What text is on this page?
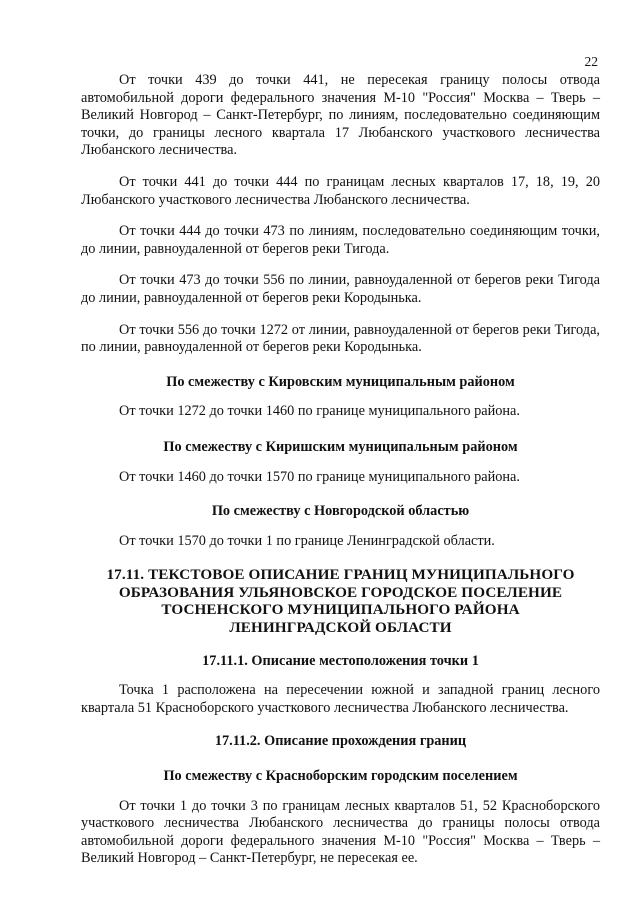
22

От точки 439 до точки 441, не пересекая границу полосы отвода автомобильной дороги федерального значения М-10 "Россия" Москва – Тверь – Великий Новгород – Санкт-Петербург, по линиям, последовательно соединяющим точки, до границы лесного квартала 17 Любанского участкового лесничества Любанского лесничества.

От точки 441 до точки 444 по границам лесных кварталов 17, 18, 19, 20 Любанского участкового лесничества Любанского лесничества.

От точки 444 до точки 473 по линиям, последовательно соединяющим точки, до линии, равноудаленной от берегов реки Тигода.

От точки 473 до точки 556 по линии, равноудаленной от берегов реки Тигода до линии, равноудаленной от берегов реки Кородынька.

От точки 556 до точки 1272 от линии, равноудаленной от берегов реки Тигода, по линии, равноудаленной от берегов реки Кородынька.

По смежеству с Кировским муниципальным районом

От точки 1272 до точки 1460 по границе муниципального района.

По смежеству с Киришским муниципальным районом

От точки 1460 до точки 1570 по границе муниципального района.

По смежеству с Новгородской областью

От точки 1570 до точки 1 по границе Ленинградской области.

17.11. ТЕКСТОВОЕ ОПИСАНИЕ ГРАНИЦ МУНИЦИПАЛЬНОГО

ОБРАЗОВАНИЯ УЛЬЯНОВСКОЕ ГОРОДСКОЕ ПОСЕЛЕНИЕ

ТОСНЕНСКОГО МУНИЦИПАЛЬНОГО РАЙОНА

ЛЕНИНГРАДСКОЙ ОБЛАСТИ

17.11.1. Описание местоположения точки 1

Точка 1 расположена на пересечении южной и западной границ лесного квартала 51 Красноборского участкового лесничества Любанского лесничества.

17.11.2. Описание прохождения границ

По смежеству с Красноборским городским поселением

От точки 1 до точки 3 по границам лесных кварталов 51, 52 Красноборского участкового лесничества Любанского лесничества до границы полосы отвода автомобильной дороги федерального значения М-10 "Россия" Москва – Тверь – Великий Новгород – Санкт-Петербург, не пересекая ее.
